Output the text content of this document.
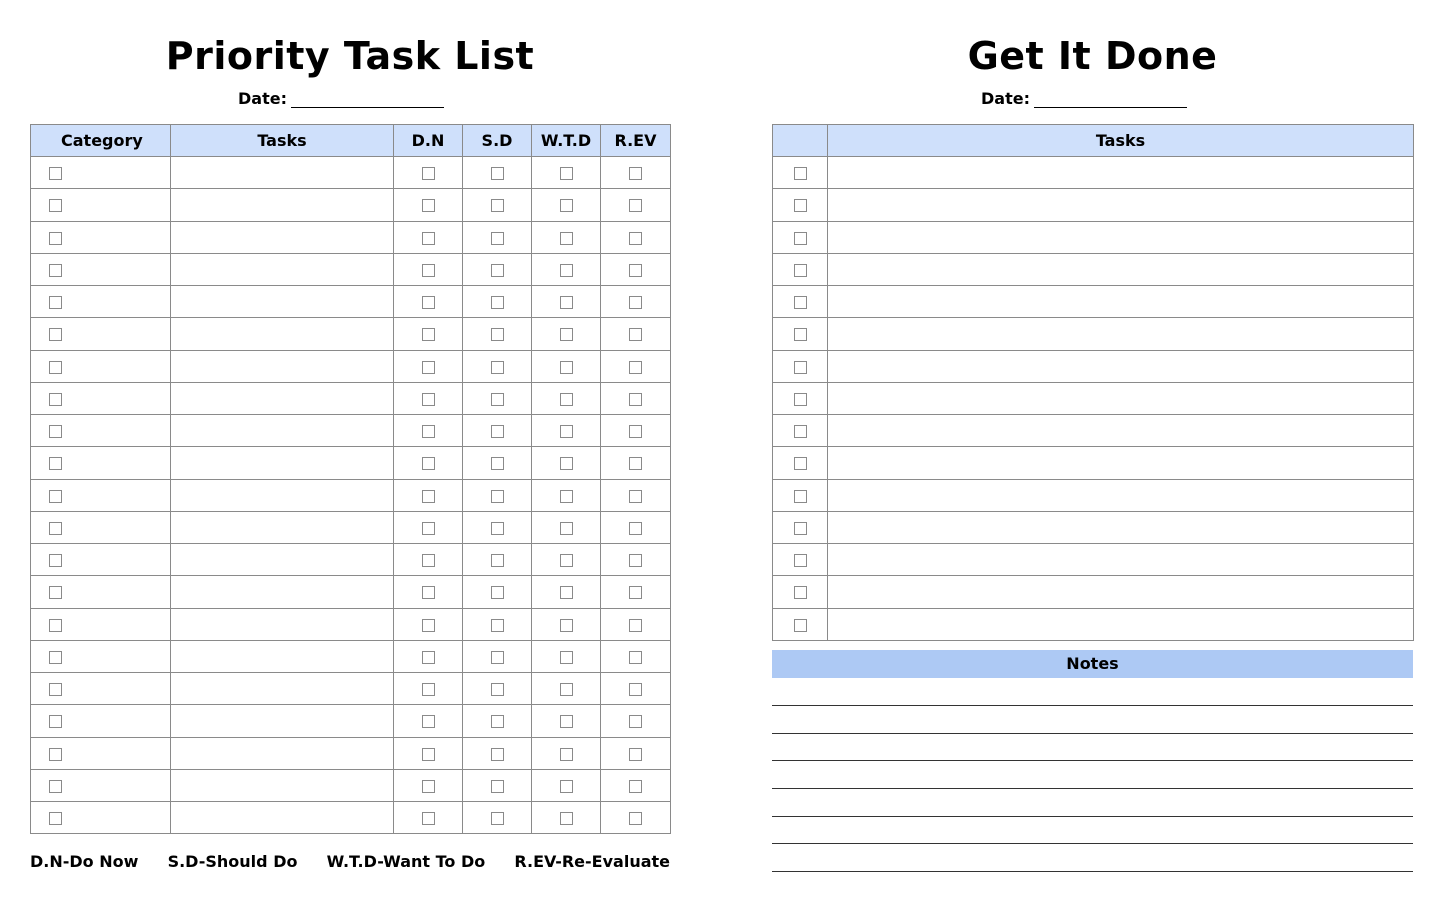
Priority Task List
Date:
Category	Tasks	D.N	S.D	W.T.D	R.EV

D.N-Do Now S.D-Should Do W.T.D-Want To Do R.EV-Re-Evaluate
Get It Done
Date:
	Tasks

Notes
